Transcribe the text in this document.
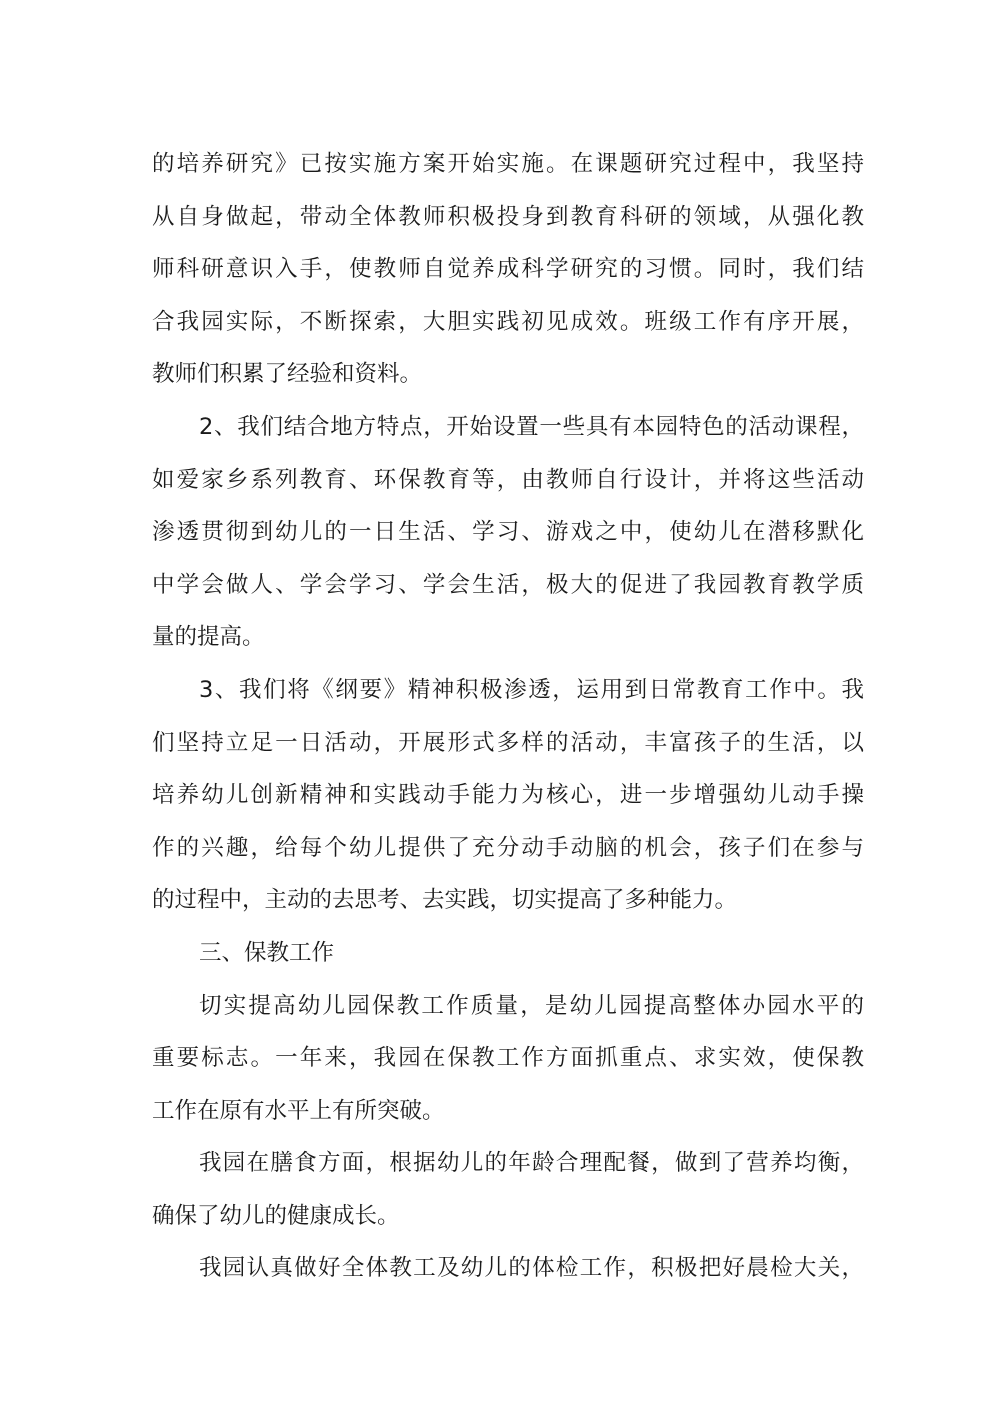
的培养研究》已按实施方案开始实施。在课题研究过程中，我坚持
从自身做起，带动全体教师积极投身到教育科研的领域，从强化教
师科研意识入手，使教师自觉养成科学研究的习惯。同时，我们结
合我园实际，不断探索，大胆实践初见成效。班级工作有序开展，
教师们积累了经验和资料。

2、我们结合地方特点，开始设置一些具有本园特色的活动课程，
如爱家乡系列教育、环保教育等，由教师自行设计，并将这些活动
渗透贯彻到幼儿的一日生活、学习、游戏之中，使幼儿在潜移默化
中学会做人、学会学习、学会生活，极大的促进了我园教育教学质
量的提高。

3、我们将《纲要》精神积极渗透，运用到日常教育工作中。我
们坚持立足一日活动，开展形式多样的活动，丰富孩子的生活，以
培养幼儿创新精神和实践动手能力为核心，进一步增强幼儿动手操
作的兴趣，给每个幼儿提供了充分动手动脑的机会，孩子们在参与
的过程中，主动的去思考、去实践，切实提高了多种能力。

三、保教工作

切实提高幼儿园保教工作质量，是幼儿园提高整体办园水平的
重要标志。一年来，我园在保教工作方面抓重点、求实效，使保教
工作在原有水平上有所突破。

我园在膳食方面，根据幼儿的年龄合理配餐，做到了营养均衡，
确保了幼儿的健康成长。

我园认真做好全体教工及幼儿的体检工作，积极把好晨检大关，
